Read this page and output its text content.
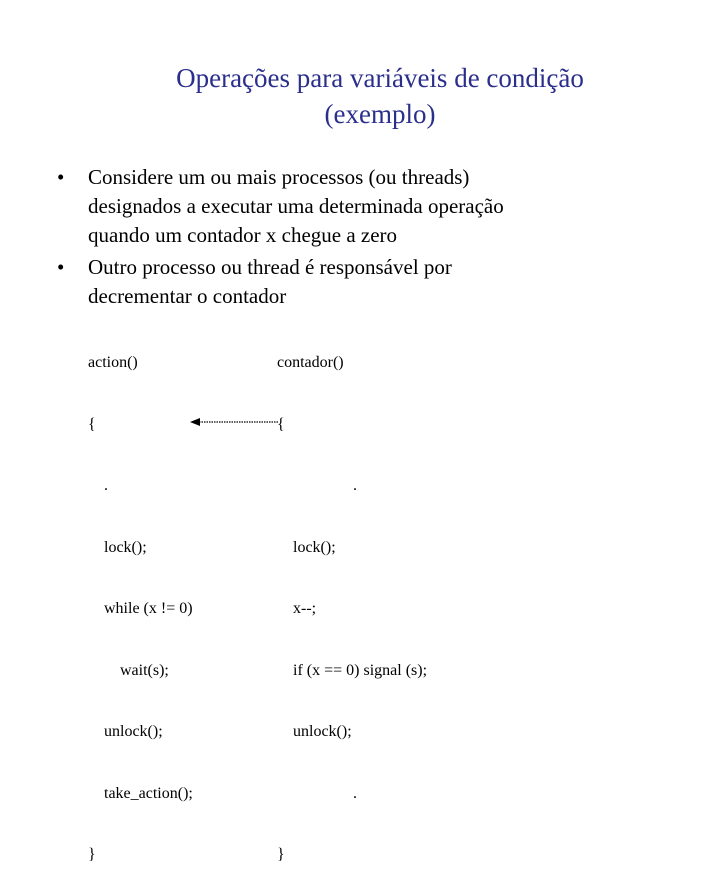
Operações para variáveis de condição
(exemplo)
• Considere um ou mais processos (ou threads)
designados a executar uma determinada operação
quando um contador x chegue a zero
• Outro processo ou thread é responsável por
decrementar o contador

action()

{

.

lock();

while (x != 0)

wait(s);

unlock();

take_action();

}

contador()

{

.

lock();

x--;

if (x == 0) signal (s);

unlock();

.

}
